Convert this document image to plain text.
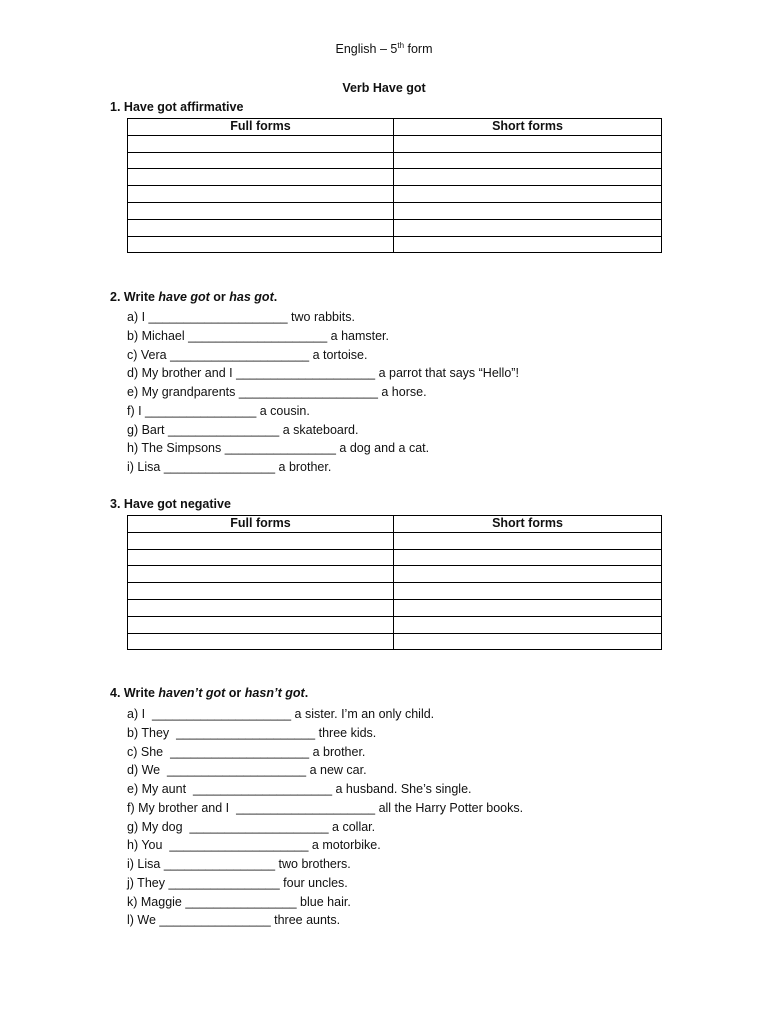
English – 5th form
Verb Have got
1. Have got affirmative
Full forms	Short forms

2. Write have got or has got.
a) I ____________________ two rabbits.
b) Michael ____________________ a hamster.
c) Vera ____________________ a tortoise.
d) My brother and I ____________________ a parrot that says “Hello”!
e) My grandparents ____________________ a horse.
f) I ________________ a cousin.
g) Bart ________________ a skateboard.
h) The Simpsons ________________ a dog and a cat.
i) Lisa ________________ a brother.
3. Have got negative
Full forms	Short forms

4. Write haven’t got or hasn’t got.
a) I  ____________________ a sister. I’m an only child.
b) They  ____________________ three kids.
c) She  ____________________ a brother.
d) We  ____________________ a new car.
e) My aunt  ____________________ a husband. She’s single.
f) My brother and I  ____________________ all the Harry Potter books.
g) My dog  ____________________ a collar.
h) You  ____________________ a motorbike.
i) Lisa ________________ two brothers.
j) They ________________ four uncles.
k) Maggie ________________ blue hair.
l) We ________________ three aunts.
